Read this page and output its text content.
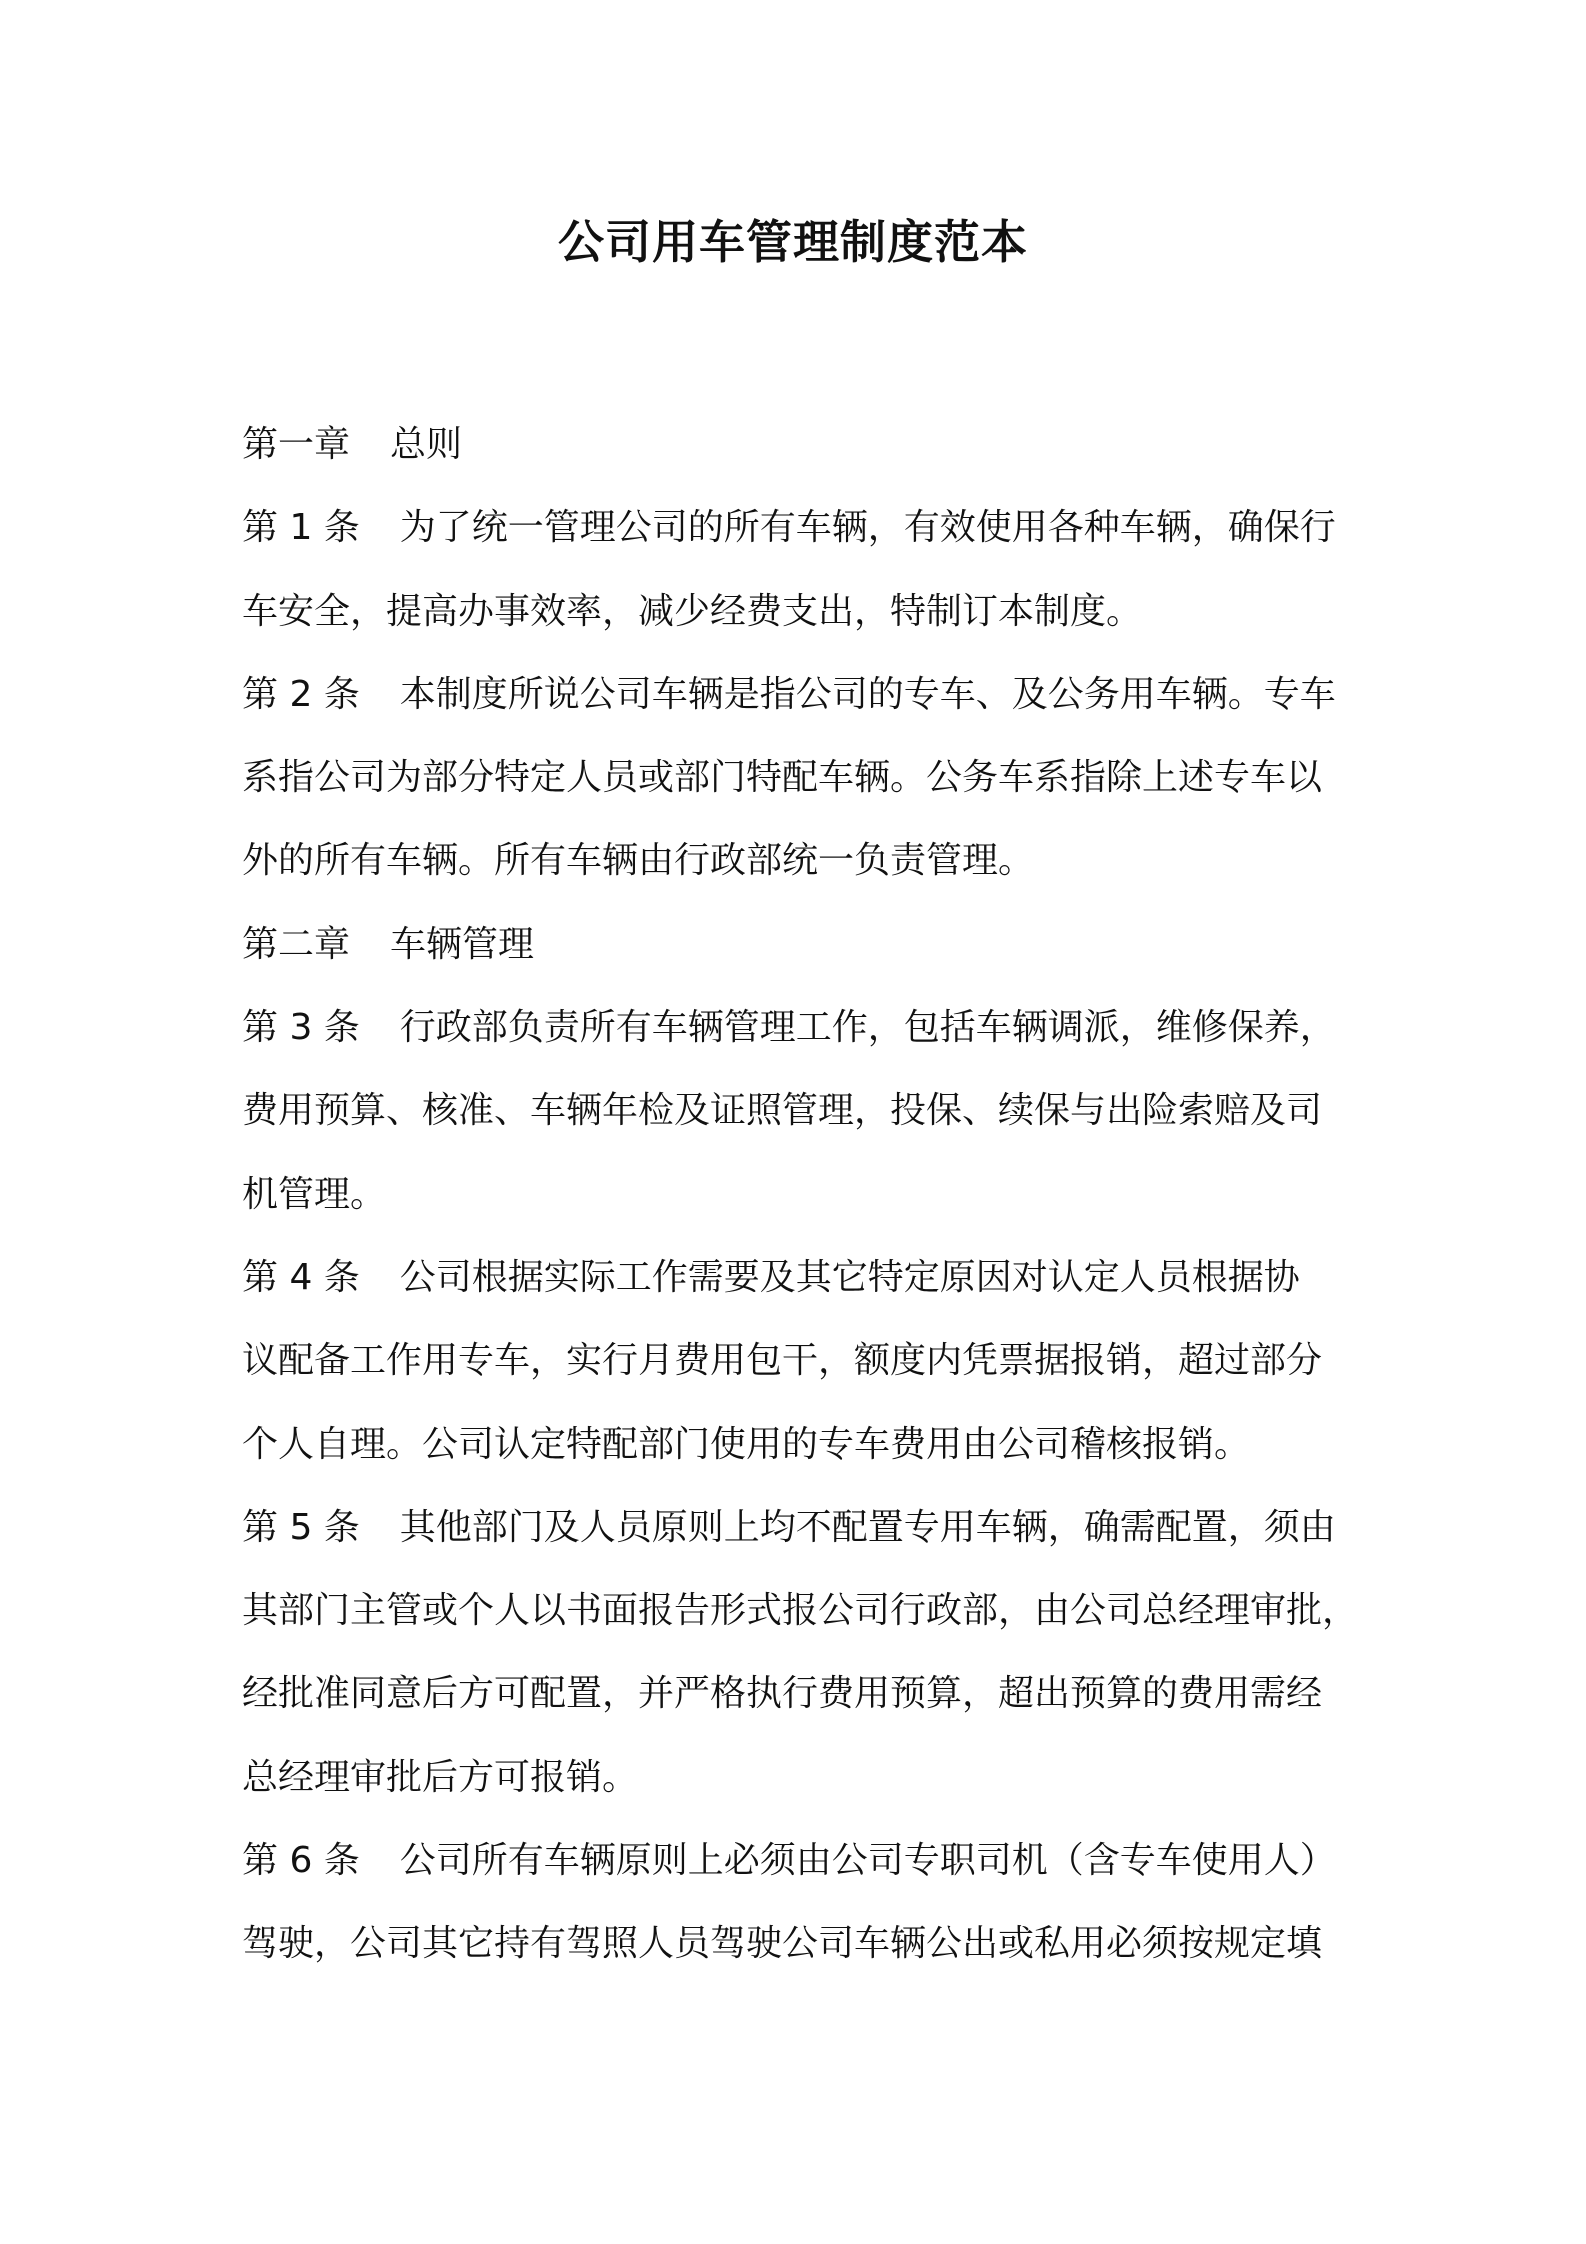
公司用车管理制度范本
第一章 总则
第 1 条 为了统一管理公司的所有车辆，有效使用各种车辆，确保行
车安全，提高办事效率，减少经费支出，特制订本制度。
第 2 条 本制度所说公司车辆是指公司的专车、及公务用车辆。专车
系指公司为部分特定人员或部门特配车辆。公务车系指除上述专车以
外的所有车辆。所有车辆由行政部统一负责管理。
第二章 车辆管理
第 3 条 行政部负责所有车辆管理工作，包括车辆调派，维修保养，
费用预算、核准、车辆年检及证照管理，投保、续保与出险索赔及司
机管理。
第 4 条 公司根据实际工作需要及其它特定原因对认定人员根据协
议配备工作用专车，实行月费用包干，额度内凭票据报销，超过部分
个人自理。公司认定特配部门使用的专车费用由公司稽核报销。
第 5 条 其他部门及人员原则上均不配置专用车辆，确需配置，须由
其部门主管或个人以书面报告形式报公司行政部，由公司总经理审批，
经批准同意后方可配置，并严格执行费用预算，超出预算的费用需经
总经理审批后方可报销。
第 6 条 公司所有车辆原则上必须由公司专职司机（含专车使用人）
驾驶，公司其它持有驾照人员驾驶公司车辆公出或私用必须按规定填
